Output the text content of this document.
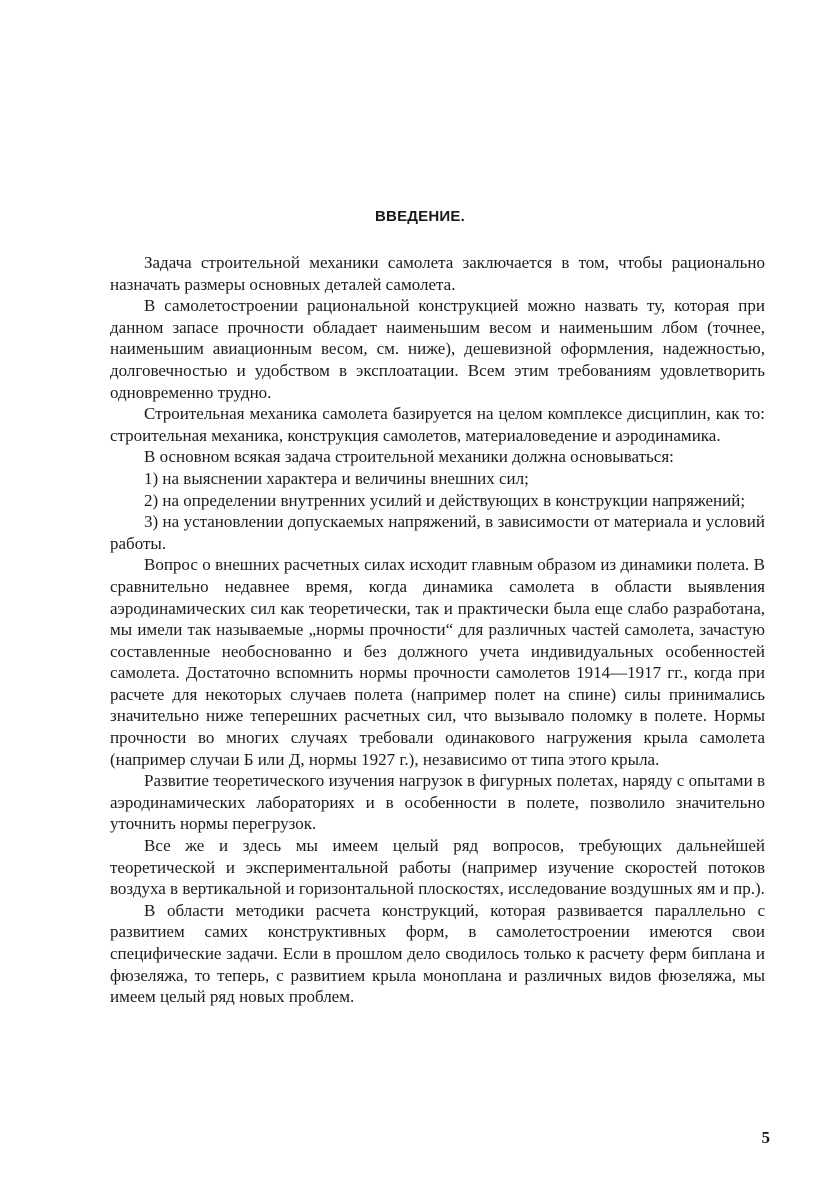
ВВЕДЕНИЕ.

Задача строительной механики самолета заключается в том, чтобы рационально назначать размеры основных деталей самолета.

В самолетостроении рациональной конструкцией можно назвать ту, которая при данном запасе прочности обладает наименьшим весом и наименьшим лбом (точнее, наименьшим авиационным весом, см. ниже), дешевизной оформления, надежностью, долговечностью и удобством в эксплоатации. Всем этим требованиям удовлетворить одновременно трудно.

Строительная механика самолета базируется на целом комплексе дисциплин, как то: строительная механика, конструкция самолетов, материаловедение и аэродинамика.

В основном всякая задача строительной механики должна основываться:

1) на выяснении характера и величины внешних сил;

2) на определении внутренних усилий и действующих в конструкции напряжений;

3) на установлении допускаемых напряжений, в зависимости от материала и условий работы.

Вопрос о внешних расчетных силах исходит главным образом из динамики полета. В сравнительно недавнее время, когда динамика самолета в области выявления аэродинамических сил как теоретически, так и практически была еще слабо разработана, мы имели так называемые „нормы прочности“ для различных частей самолета, зачастую составленные необоснованно и без должного учета индивидуальных особенностей самолета. Достаточно вспомнить нормы прочности самолетов 1914—1917 гг., когда при расчете для некоторых случаев полета (например полет на спине) силы принимались значительно ниже теперешних расчетных сил, что вызывало поломку в полете. Нормы прочности во многих случаях требовали одинакового нагружения крыла самолета (например случаи Б или Д, нормы 1927 г.), независимо от типа этого крыла.

Развитие теоретического изучения нагрузок в фигурных полетах, наряду с опытами в аэродинамических лабораториях и в особенности в полете, позволило значительно уточнить нормы перегрузок.

Все же и здесь мы имеем целый ряд вопросов, требующих дальнейшей теоретической и экспериментальной работы (например изучение скоростей потоков воздуха в вертикальной и горизонтальной плоскостях, исследование воздушных ям и пр.).

В области методики расчета конструкций, которая развивается параллельно с развитием самих конструктивных форм, в самолетостроении имеются свои специфические задачи. Если в прошлом дело сводилось только к расчету ферм биплана и фюзеляжа, то теперь, с развитием крыла моноплана и различных видов фюзеляжа, мы имеем целый ряд новых проблем.

5
